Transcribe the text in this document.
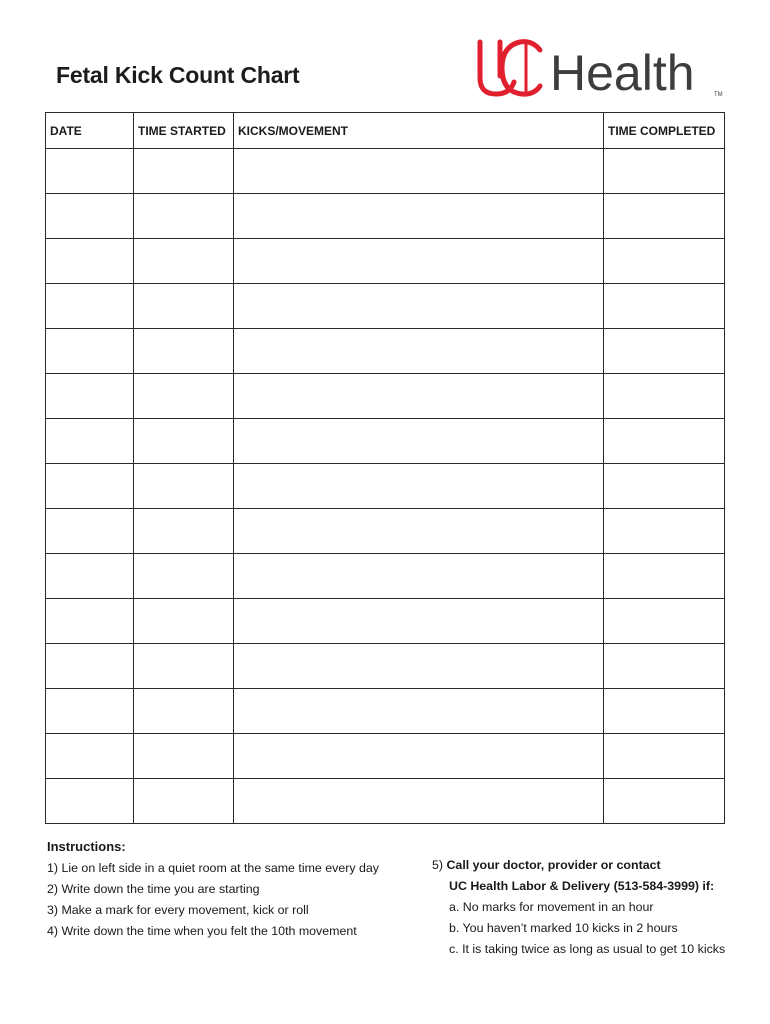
Fetal Kick Count Chart	Health	TM
DATE	TIME STARTED	KICKS/MOVEMENT	TIME COMPLETED

Instructions:
1) Lie on left side in a quiet room at the same time every day
2) Write down the time you are starting
3) Make a mark for every movement, kick or roll
4) Write down the time when you felt the 10th movement
5) Call your doctor, provider or contact
UC Health Labor & Delivery (513-584-3999) if:
a. No marks for movement in an hour
b. You haven’t marked 10 kicks in 2 hours
c. It is taking twice as long as usual to get 10 kicks
